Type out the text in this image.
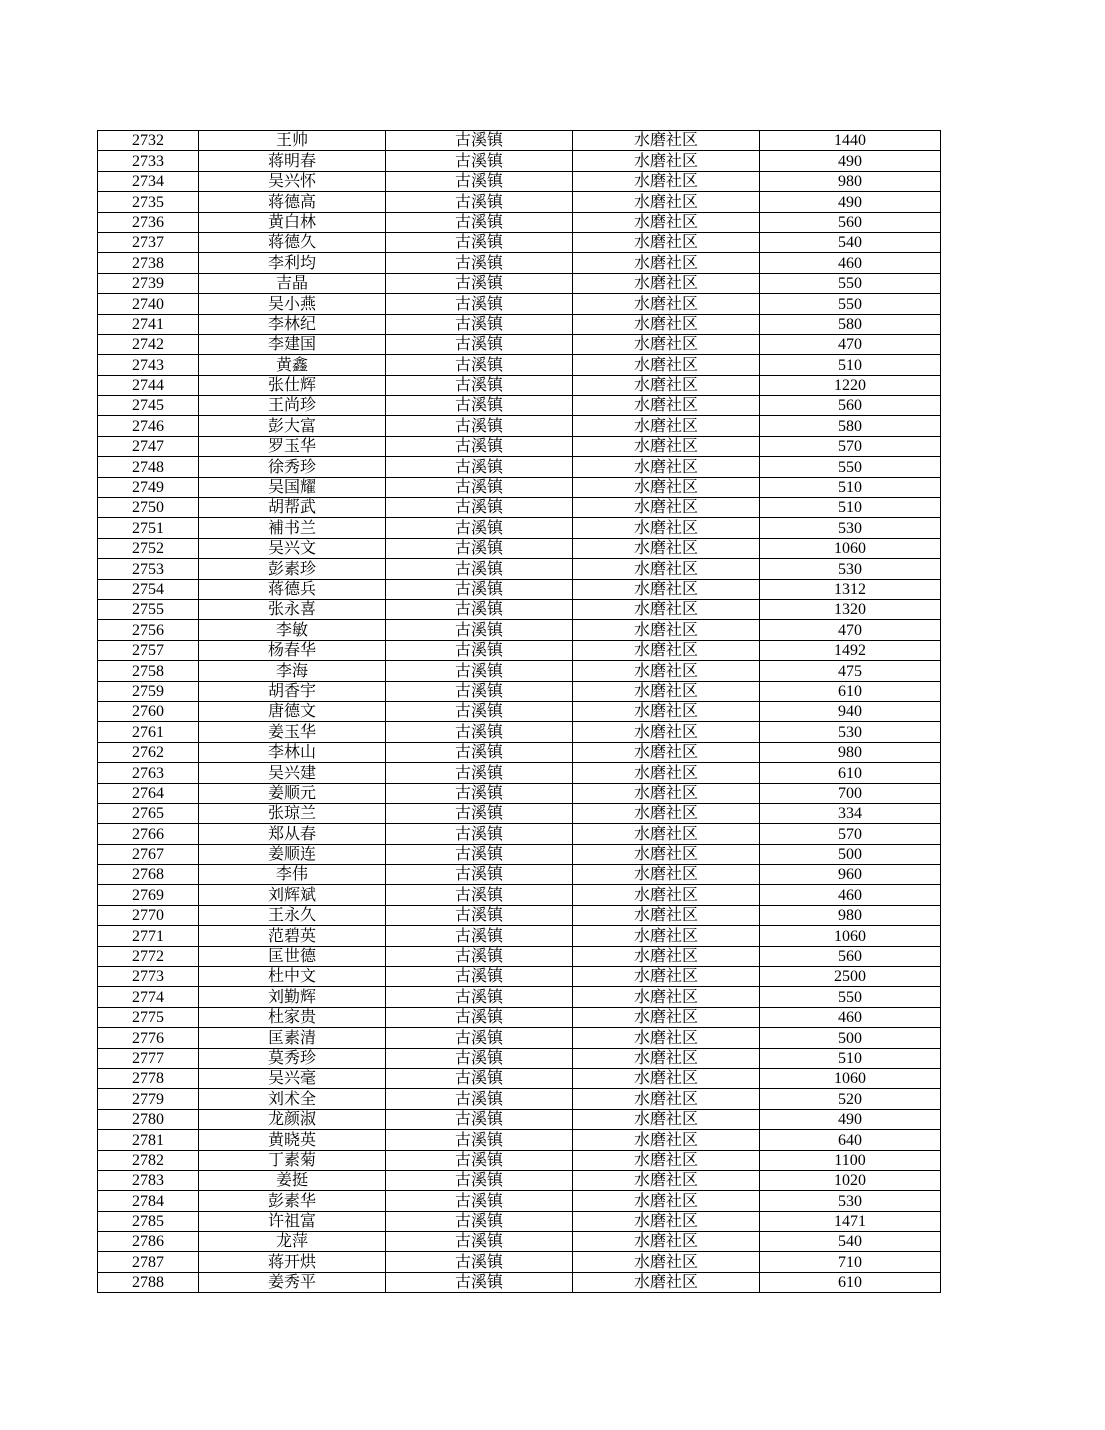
2732	王帅	古溪镇	水磨社区	1440
2733	蒋明春	古溪镇	水磨社区	490
2734	吴兴怀	古溪镇	水磨社区	980
2735	蒋德高	古溪镇	水磨社区	490
2736	黄白林	古溪镇	水磨社区	560
2737	蒋德久	古溪镇	水磨社区	540
2738	李利均	古溪镇	水磨社区	460
2739	吉晶	古溪镇	水磨社区	550
2740	吴小燕	古溪镇	水磨社区	550
2741	李林纪	古溪镇	水磨社区	580
2742	李建国	古溪镇	水磨社区	470
2743	黄鑫	古溪镇	水磨社区	510
2744	张仕辉	古溪镇	水磨社区	1220
2745	王尚珍	古溪镇	水磨社区	560
2746	彭大富	古溪镇	水磨社区	580
2747	罗玉华	古溪镇	水磨社区	570
2748	徐秀珍	古溪镇	水磨社区	550
2749	吴国耀	古溪镇	水磨社区	510
2750	胡帮武	古溪镇	水磨社区	510
2751	補书兰	古溪镇	水磨社区	530
2752	吴兴文	古溪镇	水磨社区	1060
2753	彭素珍	古溪镇	水磨社区	530
2754	蒋德兵	古溪镇	水磨社区	1312
2755	张永喜	古溪镇	水磨社区	1320
2756	李敏	古溪镇	水磨社区	470
2757	杨春华	古溪镇	水磨社区	1492
2758	李海	古溪镇	水磨社区	475
2759	胡香宇	古溪镇	水磨社区	610
2760	唐德文	古溪镇	水磨社区	940
2761	姜玉华	古溪镇	水磨社区	530
2762	李林山	古溪镇	水磨社区	980
2763	吴兴建	古溪镇	水磨社区	610
2764	姜顺元	古溪镇	水磨社区	700
2765	张琼兰	古溪镇	水磨社区	334
2766	郑从春	古溪镇	水磨社区	570
2767	姜顺连	古溪镇	水磨社区	500
2768	李伟	古溪镇	水磨社区	960
2769	刘辉斌	古溪镇	水磨社区	460
2770	王永久	古溪镇	水磨社区	980
2771	范碧英	古溪镇	水磨社区	1060
2772	匡世德	古溪镇	水磨社区	560
2773	杜中文	古溪镇	水磨社区	2500
2774	刘勤辉	古溪镇	水磨社区	550
2775	杜家贵	古溪镇	水磨社区	460
2776	匡素清	古溪镇	水磨社区	500
2777	莫秀珍	古溪镇	水磨社区	510
2778	吴兴毫	古溪镇	水磨社区	1060
2779	刘术全	古溪镇	水磨社区	520
2780	龙颜淑	古溪镇	水磨社区	490
2781	黄晓英	古溪镇	水磨社区	640
2782	丁素菊	古溪镇	水磨社区	1100
2783	姜挺	古溪镇	水磨社区	1020
2784	彭素华	古溪镇	水磨社区	530
2785	许祖富	古溪镇	水磨社区	1471
2786	龙萍	古溪镇	水磨社区	540
2787	蒋开烘	古溪镇	水磨社区	710
2788	姜秀平	古溪镇	水磨社区	610
